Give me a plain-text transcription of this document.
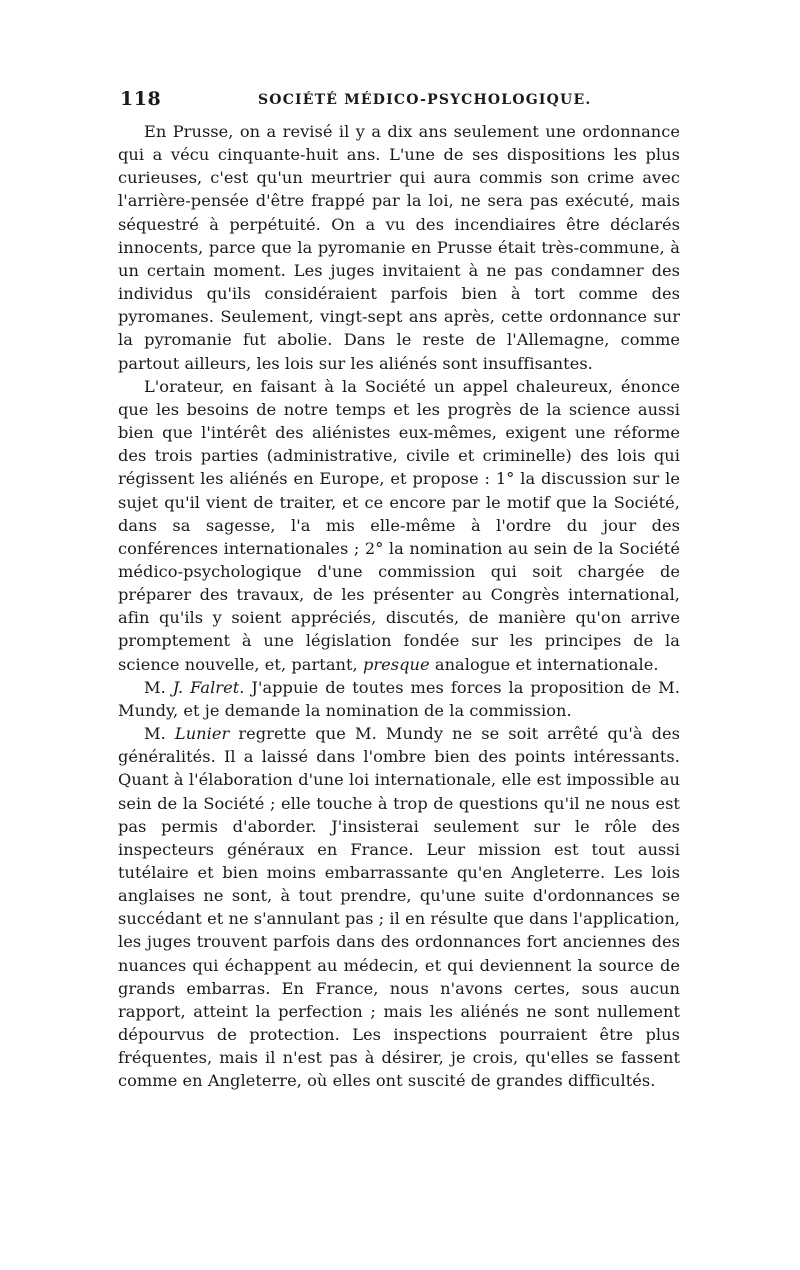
118	SOCIÉTÉ MÉDICO-PSYCHOLOGIQUE.

En Prusse, on a revisé il y a dix ans seulement une ordonnance qui a vécu cinquante-huit ans. L'une de ses dispositions les plus curieuses, c'est qu'un meurtrier qui aura commis son crime avec l'arrière-pensée d'être frappé par la loi, ne sera pas exécuté, mais séquestré à perpétuité. On a vu des incendiaires être déclarés innocents, parce que la pyromanie en Prusse était très-commune, à un certain moment. Les juges invitaient à ne pas condamner des individus qu'ils considéraient parfois bien à tort comme des pyromanes. Seulement, vingt-sept ans après, cette ordonnance sur la pyromanie fut abolie. Dans le reste de l'Allemagne, comme partout ailleurs, les lois sur les aliénés sont insuffisantes.

L'orateur, en faisant à la Société un appel chaleureux, énonce que les besoins de notre temps et les progrès de la science aussi bien que l'intérêt des aliénistes eux-mêmes, exigent une réforme des trois parties (administrative, civile et criminelle) des lois qui régissent les aliénés en Europe, et propose : 1° la discussion sur le sujet qu'il vient de traiter, et ce encore par le motif que la Société, dans sa sagesse, l'a mis elle-même à l'ordre du jour des conférences internationales ; 2° la nomination au sein de la Société médico-psychologique d'une commission qui soit chargée de préparer des travaux, de les présenter au Congrès international, afin qu'ils y soient appréciés, discutés, de manière qu'on arrive promptement à une législation fondée sur les principes de la science nouvelle, et, partant, presque analogue et internationale.

M. J. Falret. J'appuie de toutes mes forces la proposition de M. Mundy, et je demande la nomination de la commission.

M. Lunier regrette que M. Mundy ne se soit arrêté qu'à des généralités. Il a laissé dans l'ombre bien des points intéressants. Quant à l'élaboration d'une loi internationale, elle est impossible au sein de la Société ; elle touche à trop de questions qu'il ne nous est pas permis d'aborder. J'insisterai seulement sur le rôle des inspecteurs généraux en France. Leur mission est tout aussi tutélaire et bien moins embarrassante qu'en Angleterre. Les lois anglaises ne sont, à tout prendre, qu'une suite d'ordonnances se succédant et ne s'annulant pas ; il en résulte que dans l'application, les juges trouvent parfois dans des ordonnances fort anciennes des nuances qui échappent au médecin, et qui deviennent la source de grands embarras. En France, nous n'avons certes, sous aucun rapport, atteint la perfection ; mais les aliénés ne sont nullement dépourvus de protection. Les inspections pourraient être plus fréquentes, mais il n'est pas à désirer, je crois, qu'elles se fassent comme en Angleterre, où elles ont suscité de grandes difficultés.
